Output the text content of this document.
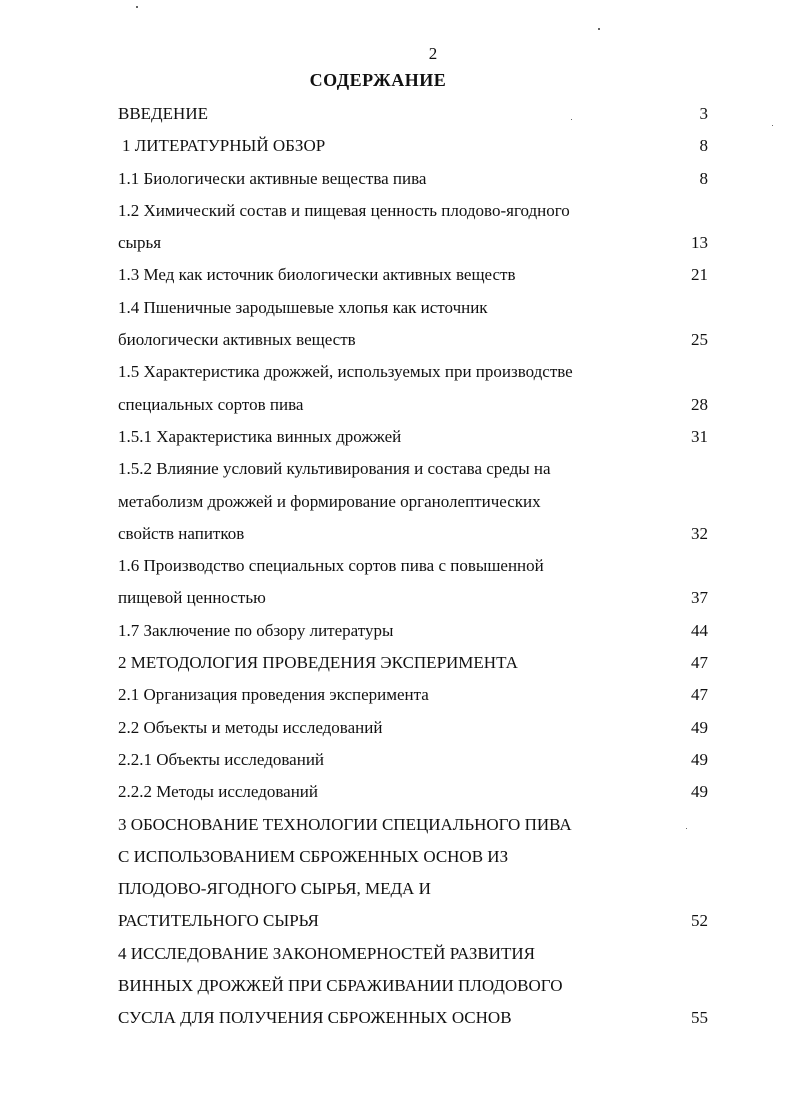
2
СОДЕРЖАНИЕ
ВВЕДЕНИЕ	3
1 ЛИТЕРАТУРНЫЙ ОБЗОР	8
1.1 Биологически активные вещества пива	8
1.2 Химический состав и пищевая ценность плодово-ягодного
сырья	13
1.3 Мед как источник биологически активных веществ	21
1.4 Пшеничные зародышевые хлопья как источник
биологически активных веществ	25
1.5 Характеристика дрожжей, используемых при производстве
специальных сортов пива	28
1.5.1 Характеристика винных дрожжей	31
1.5.2 Влияние условий культивирования и состава среды на
метаболизм дрожжей и формирование органолептических
свойств напитков	32
1.6 Производство специальных сортов пива с повышенной
пищевой ценностью	37
1.7 Заключение по обзору литературы	44
2 МЕТОДОЛОГИЯ ПРОВЕДЕНИЯ ЭКСПЕРИМЕНТА	47
2.1 Организация проведения эксперимента	47
2.2 Объекты и методы исследований	49
2.2.1 Объекты исследований	49
2.2.2 Методы исследований	49
3 ОБОСНОВАНИЕ ТЕХНОЛОГИИ СПЕЦИАЛЬНОГО ПИВА
С ИСПОЛЬЗОВАНИЕМ СБРОЖЕННЫХ ОСНОВ ИЗ
ПЛОДОВО-ЯГОДНОГО СЫРЬЯ, МЕДА И
РАСТИТЕЛЬНОГО СЫРЬЯ	52
4 ИССЛЕДОВАНИЕ ЗАКОНОМЕРНОСТЕЙ РАЗВИТИЯ
ВИННЫХ ДРОЖЖЕЙ ПРИ СБРАЖИВАНИИ ПЛОДОВОГО
СУСЛА ДЛЯ ПОЛУЧЕНИЯ СБРОЖЕННЫХ ОСНОВ	55
